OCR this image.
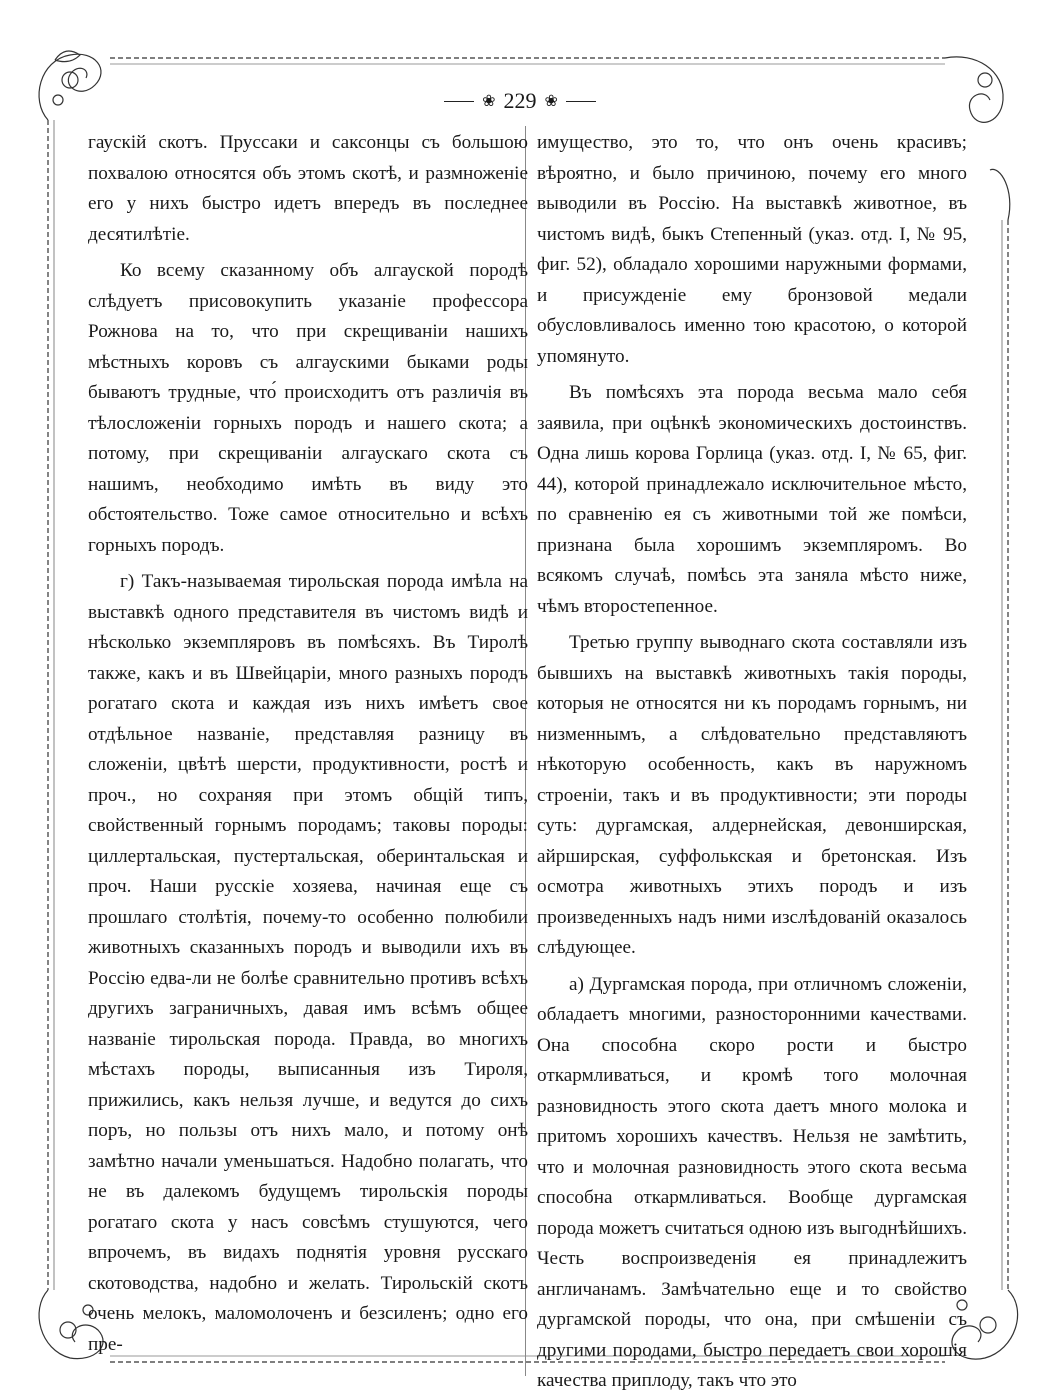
❀ 229 ❀

гаускій скотъ. Пруссаки и саксонцы съ большою похвалою относятся объ этомъ скотѣ, и размноженіе его у нихъ быстро идетъ впередъ въ последнее десятилѣтіе.

Ко всему сказанному объ алгауской породѣ слѣдуетъ присовокупить указаніе профессора Рожнова на то, что при скрещиваніи нашихъ мѣстныхъ коровъ съ алгаускими быками роды бываютъ трудные, что́ происходитъ отъ различія въ тѣлосложеніи горныхъ породъ и нашего скота; а потому, при скрещиваніи алгаускаго скота съ нашимъ, необходимо имѣть въ виду это обстоятельство. Тоже самое относительно и всѣхъ горныхъ породъ.

г) Такъ-называемая тирольская порода имѣла на выставкѣ одного представителя въ чистомъ видѣ и нѣсколько экземпляровъ въ помѣсяхъ. Въ Тиролѣ также, какъ и въ Швейцаріи, много разныхъ породъ рогатаго скота и каждая изъ нихъ имѣетъ свое отдѣльное названіе, представляя разницу въ сложеніи, цвѣтѣ шерсти, продуктивности, ростѣ и проч., но сохраняя при этомъ общій типъ, свойственный горнымъ породамъ; таковы породы: циллертальская, пустертальская, оберинтальская и проч. Наши русскіе хозяева, начиная еще съ прошлаго столѣтія, почему-то особенно полюбили животныхъ сказанныхъ породъ и выводили ихъ въ Россію едва-ли не болѣе сравнительно противъ всѣхъ другихъ заграничныхъ, давая имъ всѣмъ общее названіе тирольская порода. Правда, во многихъ мѣстахъ породы, выписанныя изъ Тироля, прижились, какъ нельзя лучше, и ведутся до сихъ поръ, но пользы отъ нихъ мало, и потому онѣ замѣтно начали уменьшаться. Надобно полагать, что не въ далекомъ будущемъ тирольскія породы рогатаго скота у насъ совсѣмъ стушуются, чего впрочемъ, въ видахъ поднятія уровня русскаго скотоводства, надобно и желать. Тирольскій скотъ очень мелокъ, маломолоченъ и безсиленъ; одно его пре-

имущество, это то, что онъ очень красивъ; вѣроятно, и было причиною, почему его много выводили въ Россію. На выставкѣ животное, въ чистомъ видѣ, быкъ Степенный (указ. отд. I, № 95, фиг. 52), обладало хорошими наружными формами, и присужденіе ему бронзовой медали обусловливалось именно тою красотою, о которой упомянуто.

Въ помѣсяхъ эта порода весьма мало себя заявила, при оцѣнкѣ экономическихъ достоинствъ. Одна лишь корова Горлица (указ. отд. I, № 65, фиг. 44), которой принадлежало исключительное мѣсто, по сравненію ея съ животными той же помѣси, признана была хорошимъ экземпляромъ. Во всякомъ случаѣ, помѣсь эта заняла мѣсто ниже, чѣмъ второстепенное.

Третью группу выводнаго скота составляли изъ бывшихъ на выставкѣ животныхъ такія породы, которыя не относятся ни къ породамъ горнымъ, ни низменнымъ, а слѣдовательно представляютъ нѣкоторую особенность, какъ въ наружномъ строеніи, такъ и въ продуктивности; эти породы суть: дургамская, алдернейская, девонширская, айрширская, суффолькская и бретонская. Изъ осмотра животныхъ этихъ породъ и изъ произведенныхъ надъ ними изслѣдованій оказалось слѣдующее.

а) Дургамская порода, при отличномъ сложеніи, обладаетъ многими, разносторонними качествами. Она способна скоро рости и быстро откармливаться, и кромѣ того молочная разновидность этого скота даетъ много молока и притомъ хорошихъ качествъ. Нельзя не замѣтить, что и молочная разновидность этого скота весьма способна откармливаться. Вообще дургамская порода можетъ считаться одною изъ выгоднѣйшихъ. Честь воспроизведенія ея принадлежитъ англичанамъ. Замѣчательно еще и то свойство дургамской породы, что она, при смѣшеніи съ другими породами, быстро передаетъ свои хорошія качества приплоду, такъ что это
